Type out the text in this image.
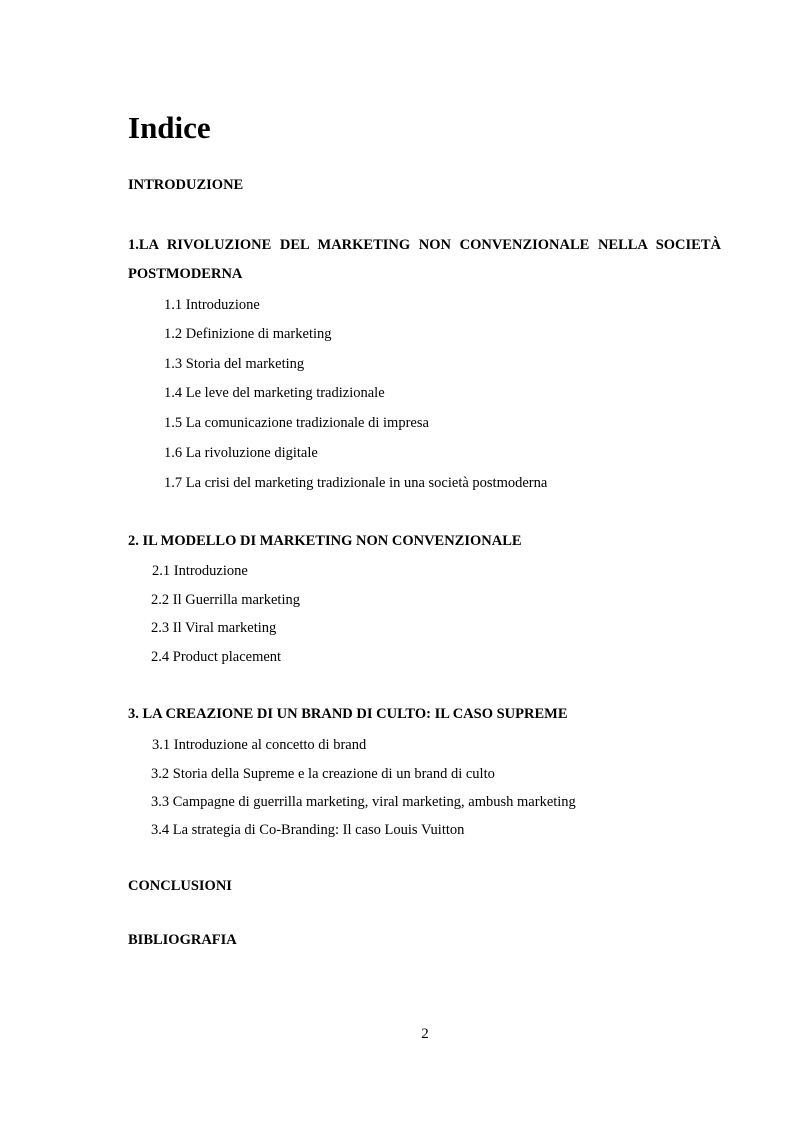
Indice
INTRODUZIONE
1.LA RIVOLUZIONE DEL MARKETING NON CONVENZIONALE NELLA SOCIETÀ POSTMODERNA
1.1 Introduzione
1.2 Definizione di marketing
1.3 Storia del marketing
1.4 Le leve del marketing tradizionale
1.5 La comunicazione tradizionale di impresa
1.6 La rivoluzione digitale
1.7 La crisi del marketing tradizionale in una società postmoderna
2. IL MODELLO DI MARKETING NON CONVENZIONALE
2.1 Introduzione
2.2 Il Guerrilla marketing
2.3 Il Viral marketing
2.4 Product placement
3. LA CREAZIONE DI UN BRAND DI CULTO: IL CASO SUPREME
3.1 Introduzione al concetto di brand
3.2 Storia della Supreme e la creazione di un brand di culto
3.3 Campagne di guerrilla marketing, viral marketing, ambush marketing
3.4 La strategia di Co-Branding: Il caso Louis Vuitton
CONCLUSIONI
BIBLIOGRAFIA
2
